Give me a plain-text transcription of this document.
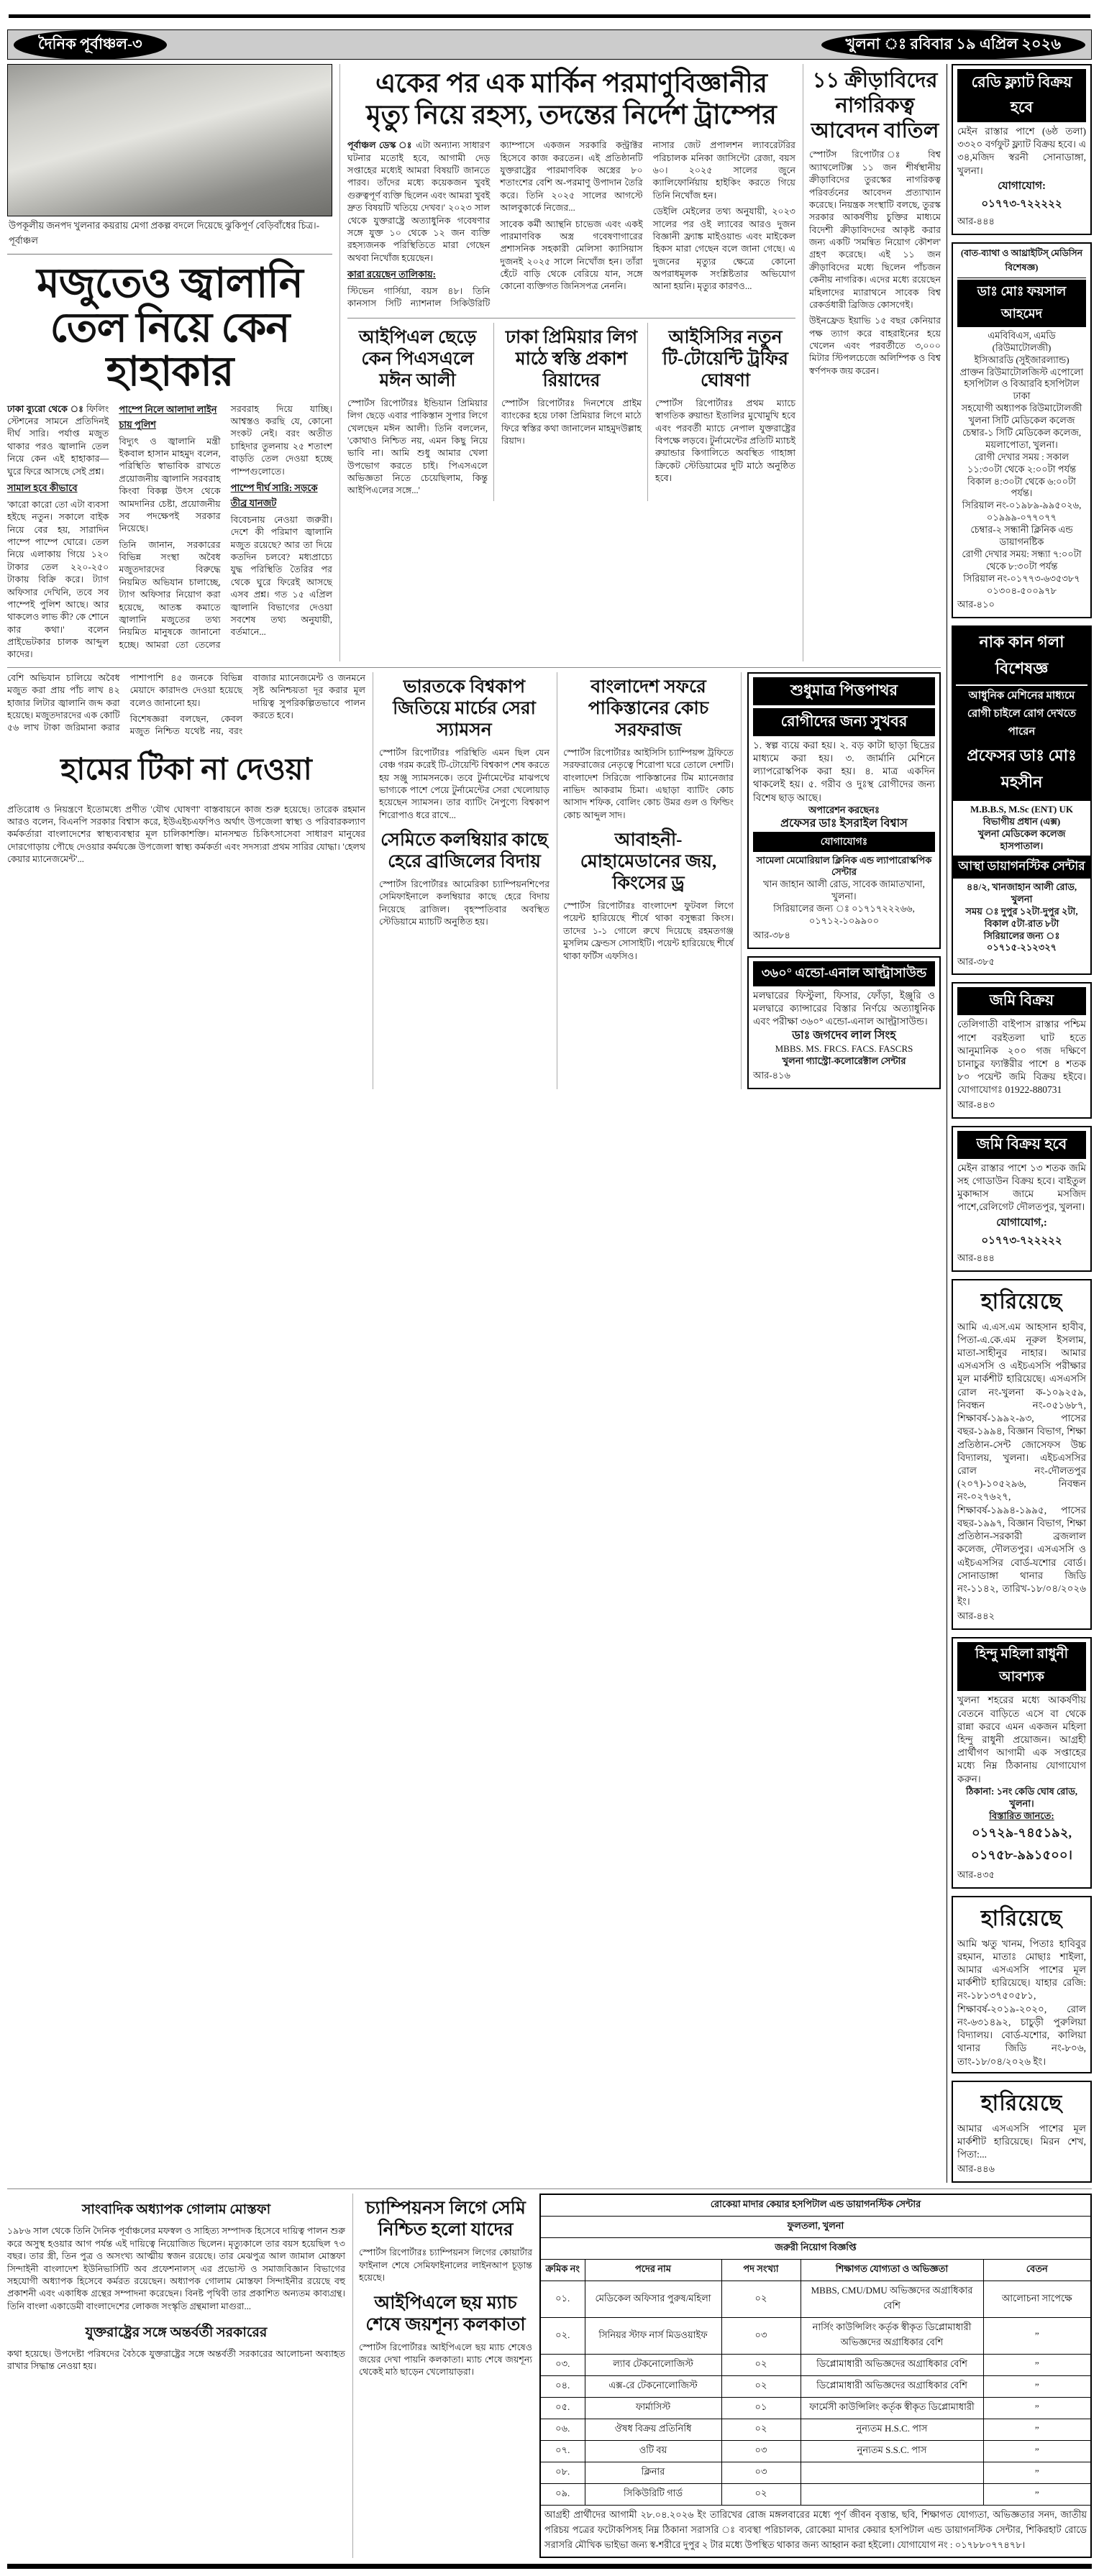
দৈনিক পূর্বাঞ্চল-৩	খুলনা ঃ রবিবার ১৯ এপ্রিল ২০২৬
উপকূলীয় জনপদ খুলনার কয়রায় মেগা প্রকল্প বদলে দিয়েছে ঝুকিপূর্ণ বেড়িবাঁধের চিত্র।-পূর্বাঞ্চল
মজুতেও জ্বালানি তেল নিয়ে কেন হাহাকার

ঢাকা ব্যুরো থেকে ঃ ফিলিং স্টেশনের সামনে প্রতিদিনই দীর্ঘ সারি। পর্যাপ্ত মজুত থাকার পরও জ্বালানি তেল নিয়ে কেন এই হাহাকার— ঘুরে ফিরে আসছে সেই প্রশ্ন।

সামাল হবে কীভাবে

'কারো কারো তো এটা ব্যবসা হইছে নতুন। সকালে বাইক নিয়ে বের হয়, সারাদিন পাম্পে পাম্পে ঘোরে। তেল নিয়ে এলাকায় গিয়ে ১২০ টাকার তেল ২২০-২৫০ টাকায় বিক্রি করে। ট্যাগ অফিসার দেখিনি, তবে সব পাম্পেই পুলিশ আছে। আর থাকলেও লাভ কী? কে শোনে কার কথা।' বলেন প্রাইভেটকার চালক আব্দুল কাদের।

পাম্পে নিলে আলাদা লাইন চায় পুলিশ

বিদ্যুৎ ও জ্বালানি মন্ত্রী ইকবাল হাসান মাহমুদ বলেন, পরিস্থিতি স্বাভাবিক রাখতে প্রয়োজনীয় জ্বালানি সরবরাহ কিংবা বিকল্প উৎস থেকে আমদানির চেষ্টা, প্রয়োজনীয় সব পদক্ষেপই সরকার নিয়েছে।

তিনি জানান, সরকারের বিভিন্ন সংস্থা অবৈধ মজুতদারদের বিরুদ্ধে নিয়মিত অভিযান চালাচ্ছে, ট্যাগ অফিসার নিয়োগ করা হয়েছে, আতঙ্ক কমাতে জ্বালানি মজুতের তথ্য নিয়মিত মানুষকে জানানো হচ্ছে। আমরা তো তেলের সরবরাহ দিয়ে যাচ্ছি। আশ্বস্তও করছি যে, কোনো সংকট নেই। বরং অতীত চাহিদার তুলনায় ২৫ শতাংশ বাড়তি তেল দেওয়া হচ্ছে পাম্পগুলোতে।

পাম্পে দীর্ঘ সারি: সড়কে তীব্র যানজট

বিবেচনায় নেওয়া জরুরী। দেশে কী পরিমাণ জ্বালানি মজুত রয়েছে? আর তা দিয়ে কতদিন চলবে? মধ্যপ্রাচ্যে যুদ্ধ পরিস্থিতি তৈরির পর থেকে ঘুরে ফিরেই আসছে এসব প্রশ্ন। গত ১৫ এপ্রিল জ্বালানি বিভাগের দেওয়া সবশেষ তথ্য অনুযায়ী, বর্তমানে...

একের পর এক মার্কিন পরমাণুবিজ্ঞানীর মৃত্যু নিয়ে রহস্য, তদন্তের নির্দেশ ট্রাম্পের

পূর্বাঞ্চল ডেস্ক ঃ এটা অন্যান্য সাধারণ ঘটনার মতোই হবে, আগামী দেড় সপ্তাহের মধ্যেই আমরা বিষয়টি জানতে পারব। তাঁদের মধ্যে কয়েকজন খুবই গুরুত্বপূর্ণ ব্যক্তি ছিলেন এবং আমরা খুবই দ্রুত বিষয়টি খতিয়ে দেখব।' ২০২৩ সাল থেকে যুক্তরাষ্ট্রে অত্যাধুনিক গবেষণার সঙ্গে যুক্ত ১০ থেকে ১২ জন ব্যক্তি রহস্যজনক পরিস্থিতিতে মারা গেছেন অথবা নিখোঁজ হয়েছেন।

কারা রয়েছেন তালিকায়:

স্টিভেন গার্সিয়া, বয়স ৪৮। তিনি কানসাস সিটি ন্যাশনাল সিকিউরিটি ক্যাম্পাসে একজন সরকারি কন্ট্রাক্টর হিসেবে কাজ করতেন। এই প্রতিষ্ঠানটি যুক্তরাষ্ট্রের পারমাণবিক অস্ত্রের ৮০ শতাংশের বেশি অ-পরমাণু উপাদান তৈরি করে। তিনি ২০২৫ সালের আগস্টে আলবুকার্কে নিজের...

সাবেক কর্মী অ্যান্থনি চাভেজ এবং একই পারমাণবিক অস্ত্র গবেষণাগারের প্রশাসনিক সহকারী মেলিসা ক্যাসিয়াস দুজনই ২০২৫ সালে নিখোঁজ হন। তাঁরা হেঁটে বাড়ি থেকে বেরিয়ে যান, সঙ্গে কোনো ব্যক্তিগত জিনিসপত্র নেননি।

নাসার জেট প্রপালশন ল্যাবরেটরির পরিচালক মনিকা জাসিন্টো রেজা, বয়স ৬০। ২০২৫ সালের জুনে ক্যালিফোর্নিয়ায় হাইকিং করতে গিয়ে তিনি নিখোঁজ হন।

ডেইলি মেইলের তথ্য অনুযায়ী, ২০২৩ সালের পর ওই ল্যাবের আরও দুজন বিজ্ঞানী ফ্র্যাঙ্ক মাইওয়ান্ড এবং মাইকেল হিকস মারা গেছেন বলে জানা গেছে। এ দুজনের মৃত্যুর ক্ষেত্রে কোনো অপরাধমূলক সংশ্লিষ্টতার অভিযোগ আনা হয়নি। মৃত্যুর কারণও...

আইপিএল ছেড়ে কেন পিএসএলে মঈন আলী

স্পোর্টস রিপোর্টারঃ ইন্ডিয়ান প্রিমিয়ার লিগ ছেড়ে এবার পাকিস্তান সুপার লিগে খেলছেন মঈন আলী। তিনি বললেন, 'কোথাও নিশ্চিত নয়, এমন কিছু নিয়ে ভাবি না। আমি শুধু আমার খেলা উপভোগ করতে চাই। পিএসএলে অভিজ্ঞতা নিতে চেয়েছিলাম, কিন্তু আইপিএলের সঙ্গে...'

ঢাকা প্রিমিয়ার লিগ মাঠে স্বস্তি প্রকাশ রিয়াদের

স্পোর্টস রিপোর্টারঃ দিনশেষে প্রাইম ব্যাংকের হয়ে ঢাকা প্রিমিয়ার লিগে মাঠে ফিরে স্বস্তির কথা জানালেন মাহমুদউল্লাহ রিয়াদ।

আইসিসির নতুন টি-টোয়েন্টি ট্রফির ঘোষণা

স্পোর্টস রিপোর্টারঃ প্রথম ম্যাচে স্বাগতিক রুয়ান্ডা ইতালির মুখোমুখি হবে এবং পরবর্তী ম্যাচে নেপাল যুক্তরাষ্ট্রের বিপক্ষে লড়বে। টুর্নামেন্টের প্রতিটি ম্যাচই রুয়ান্ডার কিগালিতে অবস্থিত গাহাঙ্গা ক্রিকেট স্টেডিয়ামের দুটি মাঠে অনুষ্ঠিত হবে।

১১ ক্রীড়াবিদের নাগরিকত্ব আবেদন বাতিল

স্পোর্টস রিপোর্টার ঃ বিশ্ব অ্যাথলেটিক্স ১১ জন শীর্ষস্থানীয় ক্রীড়াবিদের তুরস্কের নাগরিকত্ব পরিবর্তনের আবেদন প্রত্যাখ্যান করেছে। নিয়ন্ত্রক সংস্থাটি বলছে, তুরস্ক সরকার আকর্ষণীয় চুক্তির মাধ্যমে বিদেশী ক্রীড়াবিদদের আকৃষ্ট করার জন্য একটি 'সমন্বিত নিয়োগ কৌশল' গ্রহণ করেছে। এই ১১ জন ক্রীড়াবিদের মধ্যে ছিলেন পাঁচজন কেনীয় নাগরিক। এদের মধ্যে রয়েছেন মহিলাদের ম্যারাথনে সাবেক বিশ্ব রেকর্ডধারী ব্রিজিড কোসগেই।

উইনফ্রেড ইয়াভি ১৫ বছর কেনিয়ার পক্ষ ত্যাগ করে বাহরাইনের হয়ে খেলেন এবং পরবর্তীতে ৩,০০০ মিটার স্টিপলচেজে অলিম্পিক ও বিশ্ব স্বর্ণপদক জয় করেন।

বেশি অভিযান চালিয়ে অবৈধ মজুত করা প্রায় পাঁচ লাখ ৪২ হাজার লিটার জ্বালানি জব্দ করা হয়েছে। মজুতদারদের এক কোটি ৫৬ লাখ টাকা জরিমানা করার পাশাপাশি ৪৫ জনকে বিভিন্ন মেয়াদে কারাদণ্ড দেওয়া হয়েছে বলেও জানানো হয়।

বিশেষজ্ঞরা বলছেন, কেবল মজুত নিশ্চিত যথেষ্ট নয়, বরং বাজার ম্যানেজমেন্ট ও জনমনে সৃষ্ট অনিশ্চয়তা দূর করার মূল দায়িত্ব সুপরিকল্পিতভাবে পালন করতে হবে।

হামের টিকা না দেওয়া

প্রতিরোধ ও নিয়ন্ত্রণে ইতোমধ্যে প্রণীত 'যৌথ ঘোষণা' বাস্তবায়নে কাজ শুরু হয়েছে। তারেক রহমান আরও বলেন, বিএনপি সরকার বিশ্বাস করে, ইউএইচএফপিও অর্থাৎ উপজেলা স্বাস্থ্য ও পরিবারকল্যাণ কর্মকর্তারা বাংলাদেশের স্বাস্থ্যব্যবস্থার মূল চালিকাশক্তি। মানসম্মত চিকিৎসাসেবা সাধারণ মানুষের দোরগোড়ায় পৌছে দেওয়ার কর্মযজ্ঞে উপজেলা স্বাস্থ্য কর্মকর্তা এবং সদস্যরা প্রথম সারির যোদ্ধা। 'হেলথ কেয়ার ম্যানেজমেন্ট'...

ভারতকে বিশ্বকাপ জিতিয়ে মার্চের সেরা স্যামসন

স্পোর্টস রিপোর্টারঃ পরিস্থিতি এমন ছিল যেন বেঞ্চ গরম করেই টি-টোয়েন্টি বিশ্বকাপ শেষ করতে হয় সঞ্জু স্যামসনকে। তবে টুর্নামেন্টের মাঝপথে ভাগ্যকে পাশে পেয়ে টুর্নামেন্টের সেরা খেলোয়াড় হয়েছেন স্যামসন। তার ব্যাটিং নৈপুণ্যে বিশ্বকাপ শিরোপাও ধরে রাখে...

সেমিতে কলম্বিয়ার কাছে হেরে ব্রাজিলের বিদায়

স্পোর্টস রিপোর্টারঃ আমেরিকা চ্যাম্পিয়নশিপের সেমিফাইনালে কলম্বিয়ার কাছে হেরে বিদায় নিয়েছে ব্রাজিল। বৃহস্পতিবার অবস্থিত স্টেডিয়ামে ম্যাচটি অনুষ্ঠিত হয়।

বাংলাদেশ সফরে পাকিস্তানের কোচ সরফরাজ

স্পোর্টস রিপোর্টারঃ আইসিসি চ্যাম্পিয়ন্স ট্রফিতে সরফরাজের নেতৃত্বে শিরোপা ঘরে তোলে দেশটি। বাংলাদেশ সিরিজে পাকিস্তানের টিম ম্যানেজার নাভিদ আকরাম চিমা। এছাড়া ব্যাটিং কোচ আসাদ শফিক, বোলিং কোচ উমর গুল ও ফিল্ডিং কোচ আব্দুল সাদ।

আবাহনী-মোহামেডানের জয়, কিংসের ড্র

স্পোর্টস রিপোর্টারঃ বাংলাদেশ ফুটবল লিগে পয়েন্ট হারিয়েছে শীর্ষে থাকা বসুন্ধরা কিংস। তাদের ১-১ গোলে রুখে দিয়েছে রহমতগঞ্জ মুসলিম ফ্রেন্ডস সোসাইটি। পয়েন্ট হারিয়েছে শীর্ষে থাকা ফর্টিস এফসিও।

শুধুমাত্র পিত্তপাথর
রোগীদের জন্য সুখবর

১. স্বল্প ব্যয়ে করা হয়। ২. বড় কাটা ছাড়া ছিদ্রের মাধ্যমে করা হয়। ৩. জার্মানি মেশিনে ল্যাপরোস্কপিক করা হয়। ৪. মাত্র একদিন থাকলেই হয়। ৫. গরীব ও দুঃস্থ রোগীদের জন্য বিশেষ ছাড় আছে।

অপারেশন করছেনঃ
প্রফেসর ডাঃ ইসরাইল বিশ্বাস
যোগাযোগঃ
সামেলা মেমোরিয়াল ক্লিনিক এন্ড ল্যাপারোস্কপিক সেন্টার
খান জাহান আলী রোড, সাবেক জামাতখানা, খুলনা।
সিরিয়ালের জন্য ঃ ০১৭১৭২২২৬৬, ০১৭১২-১০৯৯০০
আর-৩৮৪
৩৬০° এন্ডো-এনাল আল্ট্রাসাউন্ড

মলদ্বারের ফিস্টুলা, ফিসার, ফোঁড়া, ইঞ্জুরি ও মলদ্বারে ক্যান্সারের বিস্তার নির্ণয়ে অত্যাধুনিক এবং পরীক্ষা ৩৬০° এন্ডো-এনাল আল্ট্রাসাউন্ড।

ডাঃ জগদেব লাল সিংহ
MBBS. MS. FRCS. FACS. FASCRS
খুলনা গ্যাস্ট্রো-কলোরেক্টাল সেন্টার
আর-৪১৬
রেডি ফ্ল্যাট বিক্রয় হবে

মেইন রাস্তার পাশে (৬ষ্ঠ তলা) ৩৩২০ বর্গফুট ফ্ল্যাট বিক্রয় হবে। এ ৩৪,মজিদ স্বরনী সোনাডাঙ্গা, খুলনা।

যোগাযোগ: ০১৭৭৩-৭২২২২২
আর-৪৪৪
(বাত-ব্যাথা ও আথ্রাইটিস্ মেডিসিন বিশেষজ্ঞ)
ডাঃ মোঃ ফয়সাল আহমেদ
এমবিবিএস, এমডি (রিউমাটোলজী)
ইসিআরডি (সুইজারল্যান্ড)
প্রাক্তন রিউমাটোলজিস্ট এপোলো হসপিটাল ও বিআরবি হসপিটাল ঢাকা
সহযোগী অধ্যাপক রিউমাটোলজী
খুলনা সিটি মেডিকেল কলেজ
চেম্বার-১ সিটি মেডিকেল কলেজ, ময়লাপোতা, খুলনা।
রোগী দেখার সময় : সকাল ১১:৩০টা থেকে ২:০০টা পর্যন্ত
বিকাল ৪:৩০টা থেকে ৬:০০টা পর্যন্ত।
সিরিয়াল নং-০১৯৮৯-৯৯৫০২৬, ০১৯৯৯-০৭৭০৭৭
চেম্বার-২ সন্ধানী ক্লিনিক এন্ড ডায়াগনষ্টিক
রোগী দেখার সময়: সন্ধ্যা ৭:০০টা থেকে ৮:৩০টা পর্যন্ত
সিরিয়াল নং-০১৭৭৩-৬৩৫৩৮৭ ০১৩০৪-৫০০৯৭৮
আর-৪১০
নাক কান গলা বিশেষজ্ঞ
আধুনিক মেশিনের মাধ্যমে রোগী চাইলে রোগ দেখতে পারেন
প্রফেসর ডাঃ মোঃ মহসীন
M.B.B.S, M.Sc (ENT) UK
বিভাগীয় প্রধান (এক্স)
খুলনা মেডিকেল কলেজ হাসপাতাল।
আস্থা ডায়াগনস্টিক সেন্টার
৪৪/২, খানজাহান আলী রোড, খুলনা
সময় ঃ দুপুর ১২টা-দুপুর ২টা, বিকাল ৫টা-রাত ৮টা
সিরিয়ালের জন্য ঃ ০১৭১৫-২১২৩২৭
আর-৩৮৫
জমি বিক্রয়

তেলিগাতী বাইপাস রাস্তার পশ্চিম পাশে বরইতলা ঘাট হতে আনুমানিক ২০০ গজ দক্ষিণে চানাচুর ফ্যাক্টরীর পাশে ৪ শতক ৮০ পয়েন্ট জমি বিক্রয় হইবে। যোগাযোগঃ 01922-880731

আর-৪৪৩
জমি বিক্রয় হবে

মেইন রাস্তার পাশে ১৩ শতক জমি সহ গোডাউন বিক্রয় হবে। বাইতুল মুকাদ্দাস জামে মসজিদ পাশে,রেলিগেট দৌলতপুর, খুলনা।

যোগাযোগ,: ০১৭৭৩-৭২২২২২
আর-৪৪৪
হারিয়েছে

আমি এ.এস.এম আহসান হাবীব, পিতা-এ.কে.এম নূরুল ইসলাম, মাতা-সাহীনুর নাহার। আমার এসএসসি ও এইচএসসি পরীক্ষার মূল মার্কশীট হারিয়েছে। এসএসসি রোল নং-খুলনা ক-১০৯২৫৯, নিবন্ধন নং-০৫১৬৮৭, শিক্ষাবর্ষ-১৯৯২-৯৩, পাসের বছর-১৯৯৪, বিজ্ঞান বিভাগ, শিক্ষা প্রতিষ্ঠান-সেন্ট জোসেফস উচ্চ বিদ্যালয়, খুলনা। এইচএসসির রোল নং-দৌলতপুর (২০৭)-১০৫২৯৬, নিবন্ধন নং-০২৭৬২৭, শিক্ষাবর্ষ-১৯৯৪-১৯৯৫, পাসের বছর-১৯৯৭, বিজ্ঞান বিভাগ, শিক্ষা প্রতিষ্ঠান-সরকারী ব্রজলাল কলেজ, দৌলতপুর। এসএসসি ও এইচএসসির বোর্ড-যশোর বোর্ড। সোনাডাঙ্গা থানার জিডি নং-১১৪২, তারিখ-১৮/০৪/২০২৬ ইং।

আর-৪৪২
হিন্দু মহিলা রাধুনী আবশ্যক

খুলনা শহরের মধ্যে আকর্ষণীয় বেতনে বাড়িতে এসে বা থেকে রান্না করবে এমন একজন মহিলা হিন্দু রাধুনী প্রয়োজন। আগ্রহী প্রার্থীগণ আগামী এক সপ্তাহের মধ্যে নিম্ন ঠিকানায় যোগাযোগ করুন।

ঠিকানা: ১নং কেডি ঘোষ রোড, খুলনা।
বিস্তারিত জানতে:
০১৭২৯-৭৪৫১৯২, ০১৭৫৮-৯৯১৫০০।
আর-৪৩৫
হারিয়েছে

আমি ঋতু খানম, পিতাঃ হাবিবুর রহমান, মাতাঃ মোছাঃ শাইলা, আমার এসএসসি পাশের মূল মার্কশীট হারিয়েছে। যাহার রেজি: নং-১৮১৩৭৫০৫৮১, শিক্ষাবর্ষ-২০১৯-২০২০, রোল নং-৬৩১৪৯২, চাচুড়ী পুরুলিয়া বিদ্যালয়। বোর্ড-যশোর, কালিয়া থানার জিডি নং-৮০৬, তাং-১৮/০৪/২০২৬ ইং।

হারিয়েছে

আমার এসএসসি পাশের মূল মার্কশীট হারিয়েছে। মিরন শেখ, পিতা:...

আর-৪৪৬
সাংবাদিক অধ্যাপক গোলাম মোস্তফা

১৯৮৬ সাল থেকে তিনি দৈনিক পূর্বাঞ্চলের মফস্বল ও সাহিত্য সম্পাদক হিসেবে দায়িত্ব পালন শুরু করে অসুস্থ হওয়ার আগ পর্যন্ত এই দায়িত্বে নিয়োজিত ছিলেন। মৃত্যুকালে তার বয়স হয়েছিল ৭৩ বছর। তার স্ত্রী, তিন পুত্র ও অসংখ্য আত্মীয় স্বজন রয়েছে। তার মেঝপুত্র আল জামাল মোস্তফা সিন্দাইনী বাংলাদেশ ইউনিভার্সিটি অব প্রফেশনালস্ এর প্রভোস্ট ও সমাজবিজ্ঞান বিভাগের সহযোগী অধ্যাপক হিসেবে কর্মরত রয়েছেন। অধ্যাপক গোলাম মোস্তফা সিন্দাইনীর রয়েছে বহু প্রকাশনী এবং একাধিক গ্রন্থের সম্পাদনা করেছেন। বিনষ্ট পৃথিবী তার প্রকাশিত অন্যতম কাব্যগ্রন্থ। তিনি বাংলা একাডেমী বাংলাদেশের লোকজ সংস্কৃতি গ্রন্থমালা মাগুরা...

যুক্তরাষ্ট্রের সঙ্গে অন্তর্বর্তী সরকারের

কথা হয়েছে। উপদেষ্টা পরিষদের বৈঠকে যুক্তরাষ্ট্রের সঙ্গে অন্তর্বর্তী সরকারের আলোচনা অব্যাহত রাখার সিদ্ধান্ত নেওয়া হয়।

চ্যাম্পিয়নস লিগে সেমি নিশ্চিত হলো যাদের

স্পোর্টস রিপোর্টারঃ চ্যাম্পিয়নস লিগের কোয়ার্টার ফাইনাল শেষে সেমিফাইনালের লাইনআপ চূড়ান্ত হয়েছে।

আইপিএলে ছয় ম্যাচ শেষে জয়শূন্য কলকাতা

স্পোর্টস রিপোর্টারঃ আইপিএলে ছয় ম্যাচ শেষেও জয়ের দেখা পায়নি কলকাতা। ম্যাচ শেষে জয়শূন্য থেকেই মাঠ ছাড়েন খেলোয়াড়রা।

রোকেয়া মাদার কেয়ার হসপিটাল এন্ড ডায়াগনস্টিক সেন্টার				
ফুলতলা, খুলনা				
জরুরী নিয়োগ বিজ্ঞপ্তি				
ক্রমিক নং	পদের নাম	পদ সংখ্যা	শিক্ষাগত যোগ্যতা ও অভিজ্ঞতা	বেতন
০১.	মেডিকেল অফিসার পুরুষ/মহিলা	০২	MBBS, CMU/DMU অভিজ্ঞদের অগ্রাধিকার বেশি	আলোচনা সাপেক্ষে
০২.	সিনিয়র স্টাফ নার্স মিডওয়াইফ	০৩	নার্সিং কাউন্সিলিং কর্তৃক স্বীকৃত ডিপ্লোমাধারী অভিজ্ঞদের অগ্রাধিকার বেশি	”
০৩.	ল্যাব টেকনোলোজিস্ট	০২	ডিপ্লোমাধারী অভিজ্ঞদের অগ্রাধিকার বেশি	”
০৪.	এক্স-রে টেকনোলোজিস্ট	০২	ডিপ্লোমাধারী অভিজ্ঞদের অগ্রাধিকার বেশি	”
০৫.	ফার্মাসিস্ট	০১	ফার্মেসী কাউন্সিলিং কর্তৃক স্বীকৃত ডিপ্লোমাধারী	”
০৬.	ঔষধ বিক্রয় প্রতিনিধি	০২	নুন্যতম H.S.C. পাস	”
০৭.	ওটি বয়	০৩	নুন্যতম S.S.C. পাস	”
০৮.	ক্লিনার	০৩		”
০৯.	সিকিউরিটি গার্ড	০২		”
আগ্রহী প্রার্থীদের আগামী ২৮.০৪.২০২৬ ইং তারিখের রোজ মঙ্গলবারের মধ্যে পূর্ণ জীবন বৃত্তান্ত, ছবি, শিক্ষাগত যোগ্যতা, অভিজ্ঞতার সনদ, জাতীয় পরিচয় পত্রের ফটোকপিসহ নিম্ন ঠিকানা সরাসরি ঃ ব্যবস্থা পরিচালক, রোকেয়া মাদার কেয়ার হসপিটাল এন্ড ডায়াগনস্টিক সেন্টার, শিকিরহাট রোডে সরাসরি মৌখিক ভাইভা জন্য স্ব-শরীরে দুপুর ২ টার মধ্যে উপস্থিত থাকার জন্য আহ্বান করা হইলো। যোগাযোগ নং : ০১৭৮৮০৭৭৪৭৮।				
